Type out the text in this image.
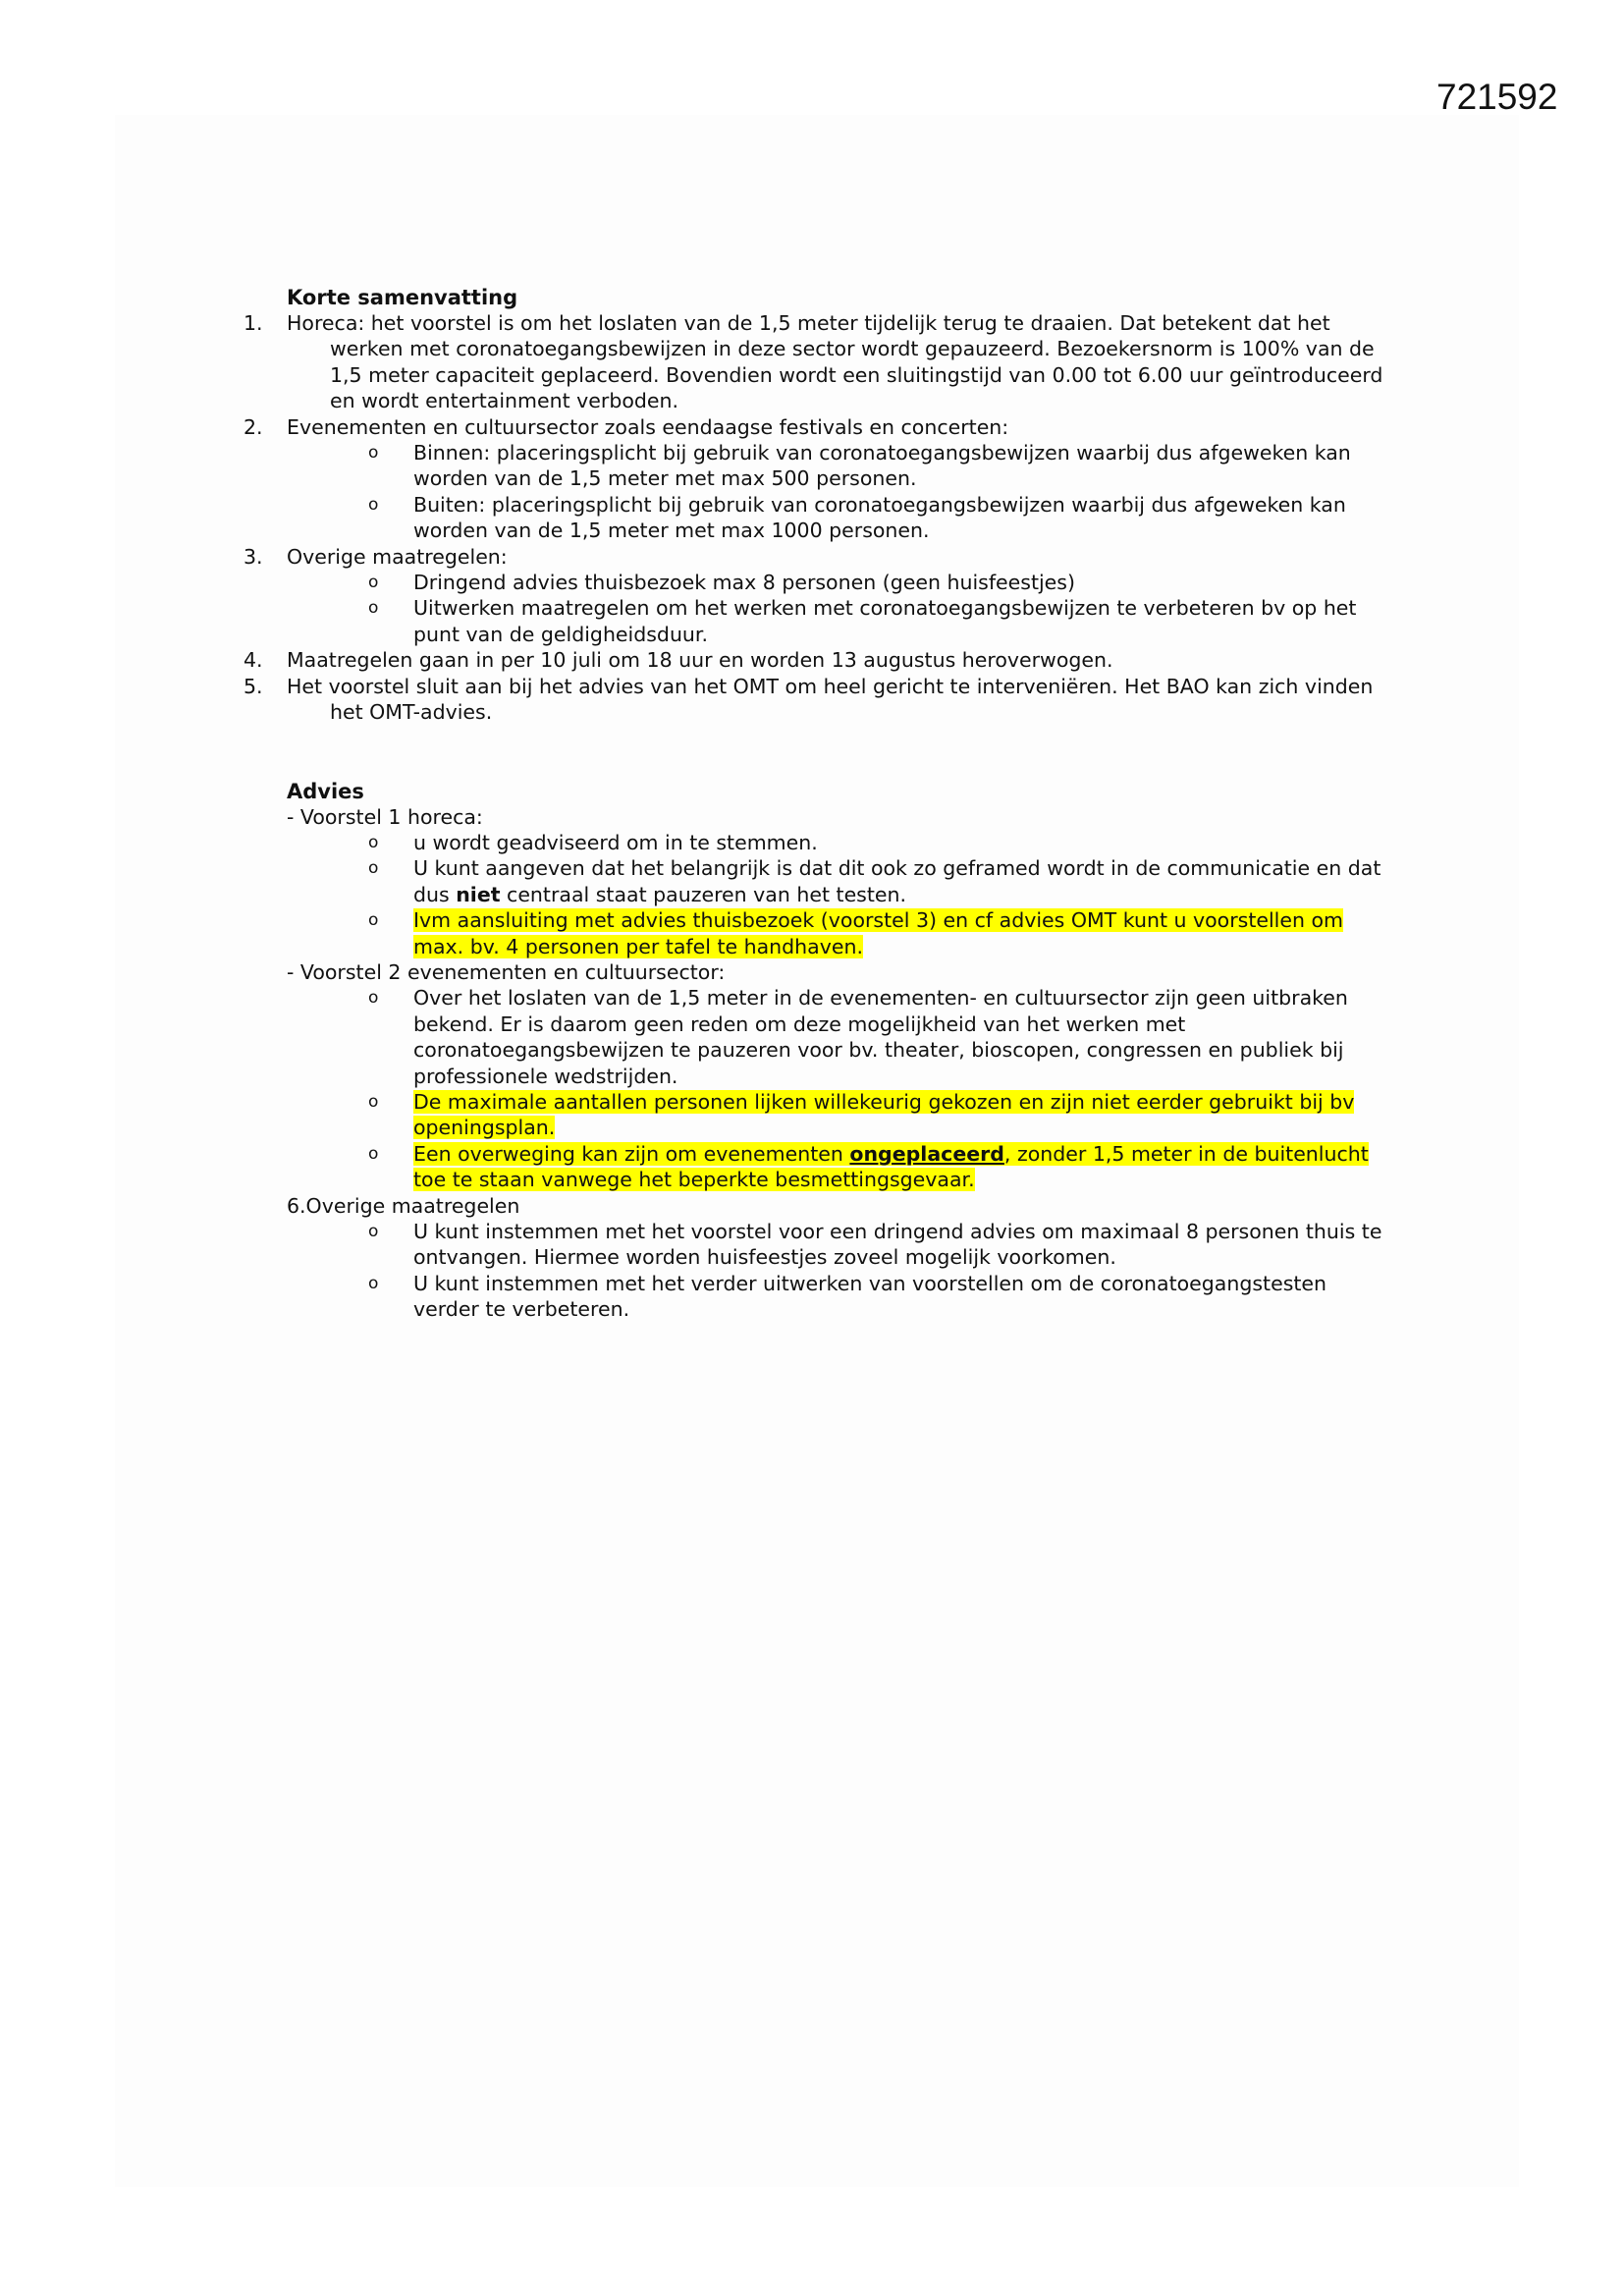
721592

Korte samenvatting

Horeca: het voorstel is om het loslaten van de 1,5 meter tijdelijk terug te draaien. Dat betekent dat het werken met coronatoegangsbewijzen in deze sector wordt gepauzeerd. Bezoekersnorm is 100% van de 1,5 meter capaciteit geplaceerd. Bovendien wordt een sluitingstijd van 0.00 tot 6.00 uur geïntroduceerd en wordt entertainment verboden.

Evenementen en cultuursector zoals eendaagse festivals en concerten:

o Binnen: placeringsplicht bij gebruik van coronatoegangsbewijzen waarbij dus afgeweken kan worden van de 1,5 meter met max 500 personen.

o Buiten: placeringsplicht bij gebruik van coronatoegangsbewijzen waarbij dus afgeweken kan worden van de 1,5 meter met max 1000 personen.

Overige maatregelen:

o Dringend advies thuisbezoek max 8 personen (geen huisfeestjes)

o Uitwerken maatregelen om het werken met coronatoegangsbewijzen te verbeteren bv op het punt van de geldigheidsduur.

Maatregelen gaan in per 10 juli om 18 uur en worden 13 augustus heroverwogen.

Het voorstel sluit aan bij het advies van het OMT om heel gericht te interveniëren. Het BAO kan zich vinden het OMT-advies.

Advies

- Voorstel 1 horeca:

o u wordt geadviseerd om in te stemmen.

o U kunt aangeven dat het belangrijk is dat dit ook zo geframed wordt in de communicatie en dat dus niet centraal staat pauzeren van het testen.

o Ivm aansluiting met advies thuisbezoek (voorstel 3) en cf advies OMT kunt u voorstellen om max. bv. 4 personen per tafel te handhaven.

- Voorstel 2 evenementen en cultuursector:

o Over het loslaten van de 1,5 meter in de evenementen- en cultuursector zijn geen uitbraken bekend. Er is daarom geen reden om deze mogelijkheid van het werken met coronatoegangsbewijzen te pauzeren voor bv. theater, bioscopen, congressen en publiek bij professionele wedstrijden.

o De maximale aantallen personen lijken willekeurig gekozen en zijn niet eerder gebruikt bij bv openingsplan.

o Een overweging kan zijn om evenementen ongeplaceerd, zonder 1,5 meter in de buitenlucht toe te staan vanwege het beperkte besmettingsgevaar.

6.Overige maatregelen

o U kunt instemmen met het voorstel voor een dringend advies om maximaal 8 personen thuis te ontvangen. Hiermee worden huisfeestjes zoveel mogelijk voorkomen.

o U kunt instemmen met het verder uitwerken van voorstellen om de coronatoegangstesten verder te verbeteren.
